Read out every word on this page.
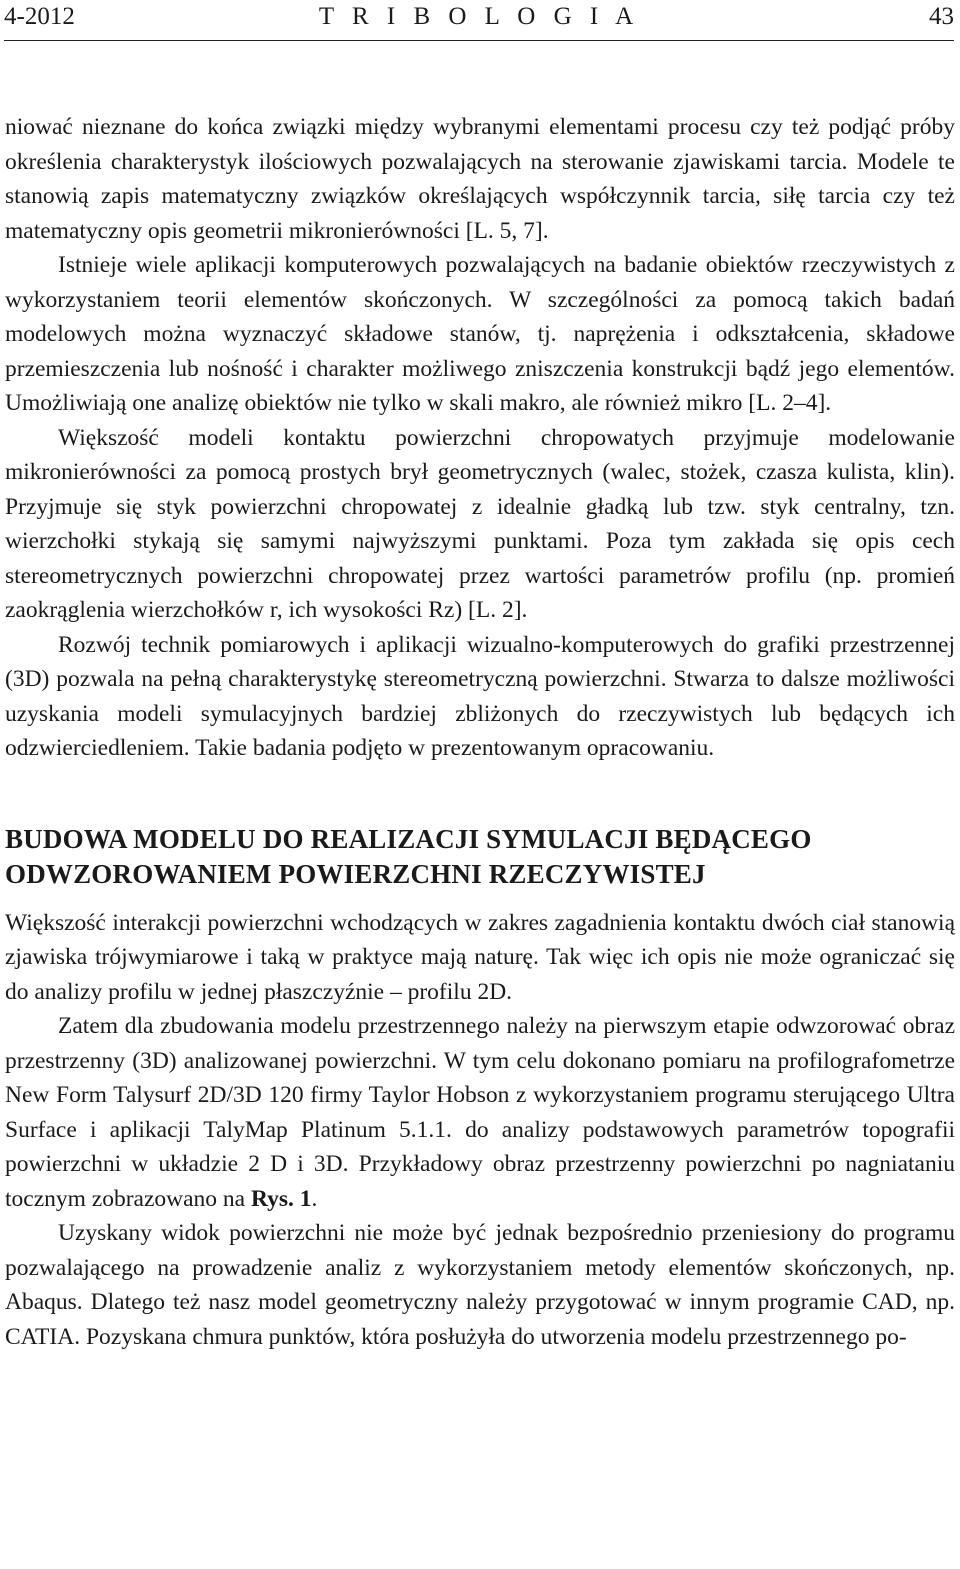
4-2012	T R I B O L O G I A	43

niować nieznane do końca związki między wybranymi elementami procesu czy też podjąć próby określenia charakterystyk ilościowych pozwalających na sterowanie zjawiskami tarcia. Modele te stanowią zapis matematyczny związków określających współczynnik tarcia, siłę tarcia czy też matematyczny opis geometrii mikronierówności [L. 5, 7].

Istnieje wiele aplikacji komputerowych pozwalających na badanie obiektów rzeczywistych z wykorzystaniem teorii elementów skończonych. W szczególności za pomocą takich badań modelowych można wyznaczyć składowe stanów, tj. naprężenia i odkształcenia, składowe przemieszczenia lub nośność i charakter możliwego zniszczenia konstrukcji bądź jego elementów. Umożliwiają one analizę obiektów nie tylko w skali makro, ale również mikro [L. 2–4].

Większość modeli kontaktu powierzchni chropowatych przyjmuje modelowanie mikronierówności za pomocą prostych brył geometrycznych (walec, stożek, czasza kulista, klin). Przyjmuje się styk powierzchni chropowatej z idealnie gładką lub tzw. styk centralny, tzn. wierzchołki stykają się samymi najwyższymi punktami. Poza tym zakłada się opis cech stereometrycznych powierzchni chropowatej przez wartości parametrów profilu (np. promień zaokrąglenia wierzchołków r, ich wysokości Rz) [L. 2].

Rozwój technik pomiarowych i aplikacji wizualno-komputerowych do grafiki przestrzennej (3D) pozwala na pełną charakterystykę stereometryczną powierzchni. Stwarza to dalsze możliwości uzyskania modeli symulacyjnych bardziej zbliżonych do rzeczywistych lub będących ich odzwierciedleniem. Takie badania podjęto w prezentowanym opracowaniu.

BUDOWA MODELU DO REALIZACJI SYMULACJI BĘDĄCEGO
ODWZOROWANIEM POWIERZCHNI RZECZYWISTEJ

Większość interakcji powierzchni wchodzących w zakres zagadnienia kontaktu dwóch ciał stanowią zjawiska trójwymiarowe i taką w praktyce mają naturę. Tak więc ich opis nie może ograniczać się do analizy profilu w jednej płaszczyźnie – profilu 2D.

Zatem dla zbudowania modelu przestrzennego należy na pierwszym etapie odwzorować obraz przestrzenny (3D) analizowanej powierzchni. W tym celu dokonano pomiaru na profilografometrze New Form Talysurf 2D/3D 120 firmy Taylor Hobson z wykorzystaniem programu sterującego Ultra Surface i aplikacji TalyMap Platinum 5.1.1. do analizy podstawowych parametrów topografii powierzchni w układzie 2 D i 3D. Przykładowy obraz przestrzenny powierzchni po nagniataniu tocznym zobrazowano na Rys. 1.

Uzyskany widok powierzchni nie może być jednak bezpośrednio przeniesiony do programu pozwalającego na prowadzenie analiz z wykorzystaniem metody elementów skończonych, np. Abaqus. Dlatego też nasz model geometryczny należy przygotować w innym programie CAD, np. CATIA. Pozyskana chmura punktów, która posłużyła do utworzenia modelu przestrzennego po-
